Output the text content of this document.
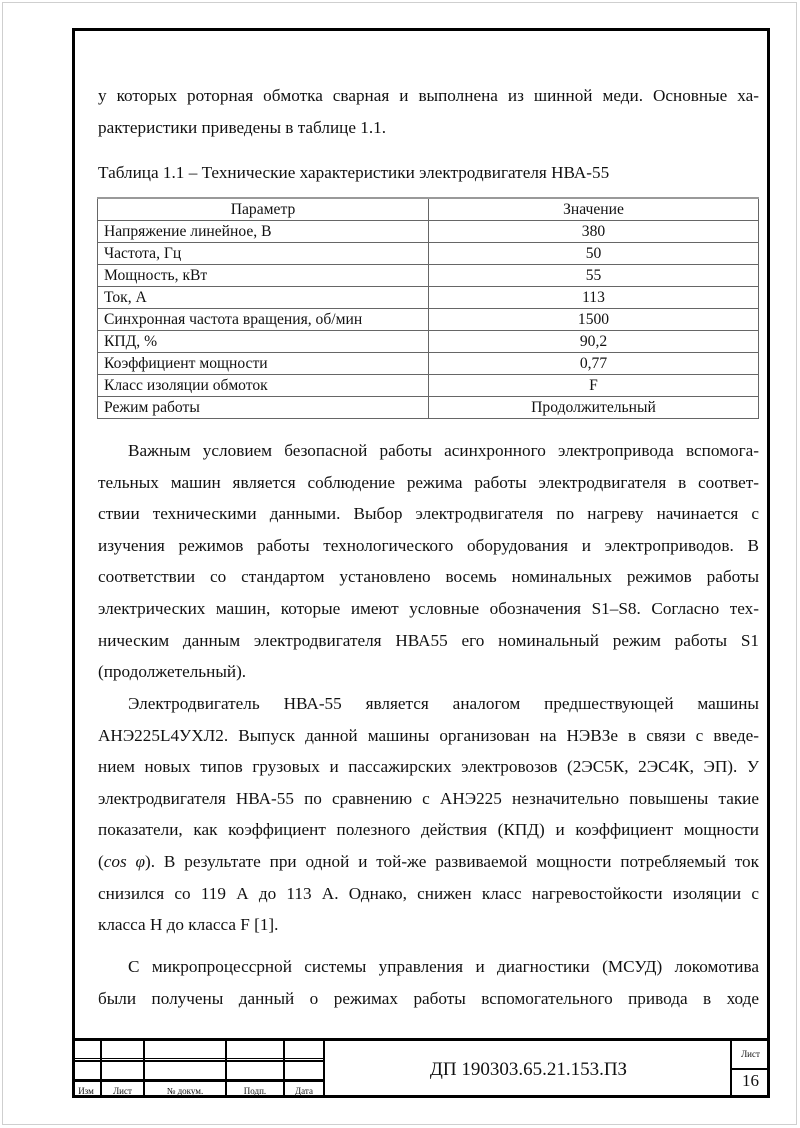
у которых роторная обмотка сварная и выполнена из шинной меди. Основные ха-
рактеристики приведены в таблице 1.1.

Таблица 1.1 – Технические характеристики электродвигателя НВА-55

Параметр	Значение
Напряжение линейное, В	380
Частота, Гц	50
Мощность, кВт	55
Ток, А	113
Синхронная частота вращения, об/мин	1500
КПД, %	90,2
Коэффициент мощности	0,77
Класс изоляции обмоток	F
Режим работы	Продолжительный
Важным условием безопасной работы асинхронного электропривода вспомога-
тельных машин является соблюдение режима работы электродвигателя в соответ-
ствии техническими данными. Выбор электродвигателя по нагреву начинается с
изучения режимов работы технологического оборудования и электроприводов. В
соответствии со стандартом установлено восемь номинальных режимов работы
электрических машин, которые имеют условные обозначения S1–S8. Согласно тех-
ническим данным электродвигателя НВА55 его номинальный режим работы S1
(продолжетельный).
Электродвигатель НВА-55 является аналогом предшествующей машины
АНЭ225L4УХЛ2. Выпуск данной машины организован на НЭВЗе в связи с введе-
нием новых типов грузовых и пассажирских электровозов (2ЭС5К, 2ЭС4К, ЭП). У
электродвигателя НВА-55 по сравнению с АНЭ225 незначительно повышены такие
показатели, как коэффициент полезного действия (КПД) и коэффициент мощности
(cos φ). В результате при одной и той-же развиваемой мощности потребляемый ток
снизился со 119 А до 113 А. Однако, снижен класс нагревостойкости изоляции с
класса Н до класса F [1].
С микропроцессрной системы управления и диагностики (МСУД) локомотива
были получены данный о режимах работы вспомогательного привода в ходе
Изм	Лист	№ докум.	Подп.	Дата
ДП 190303.65.21.153.ПЗ
Лист
16
